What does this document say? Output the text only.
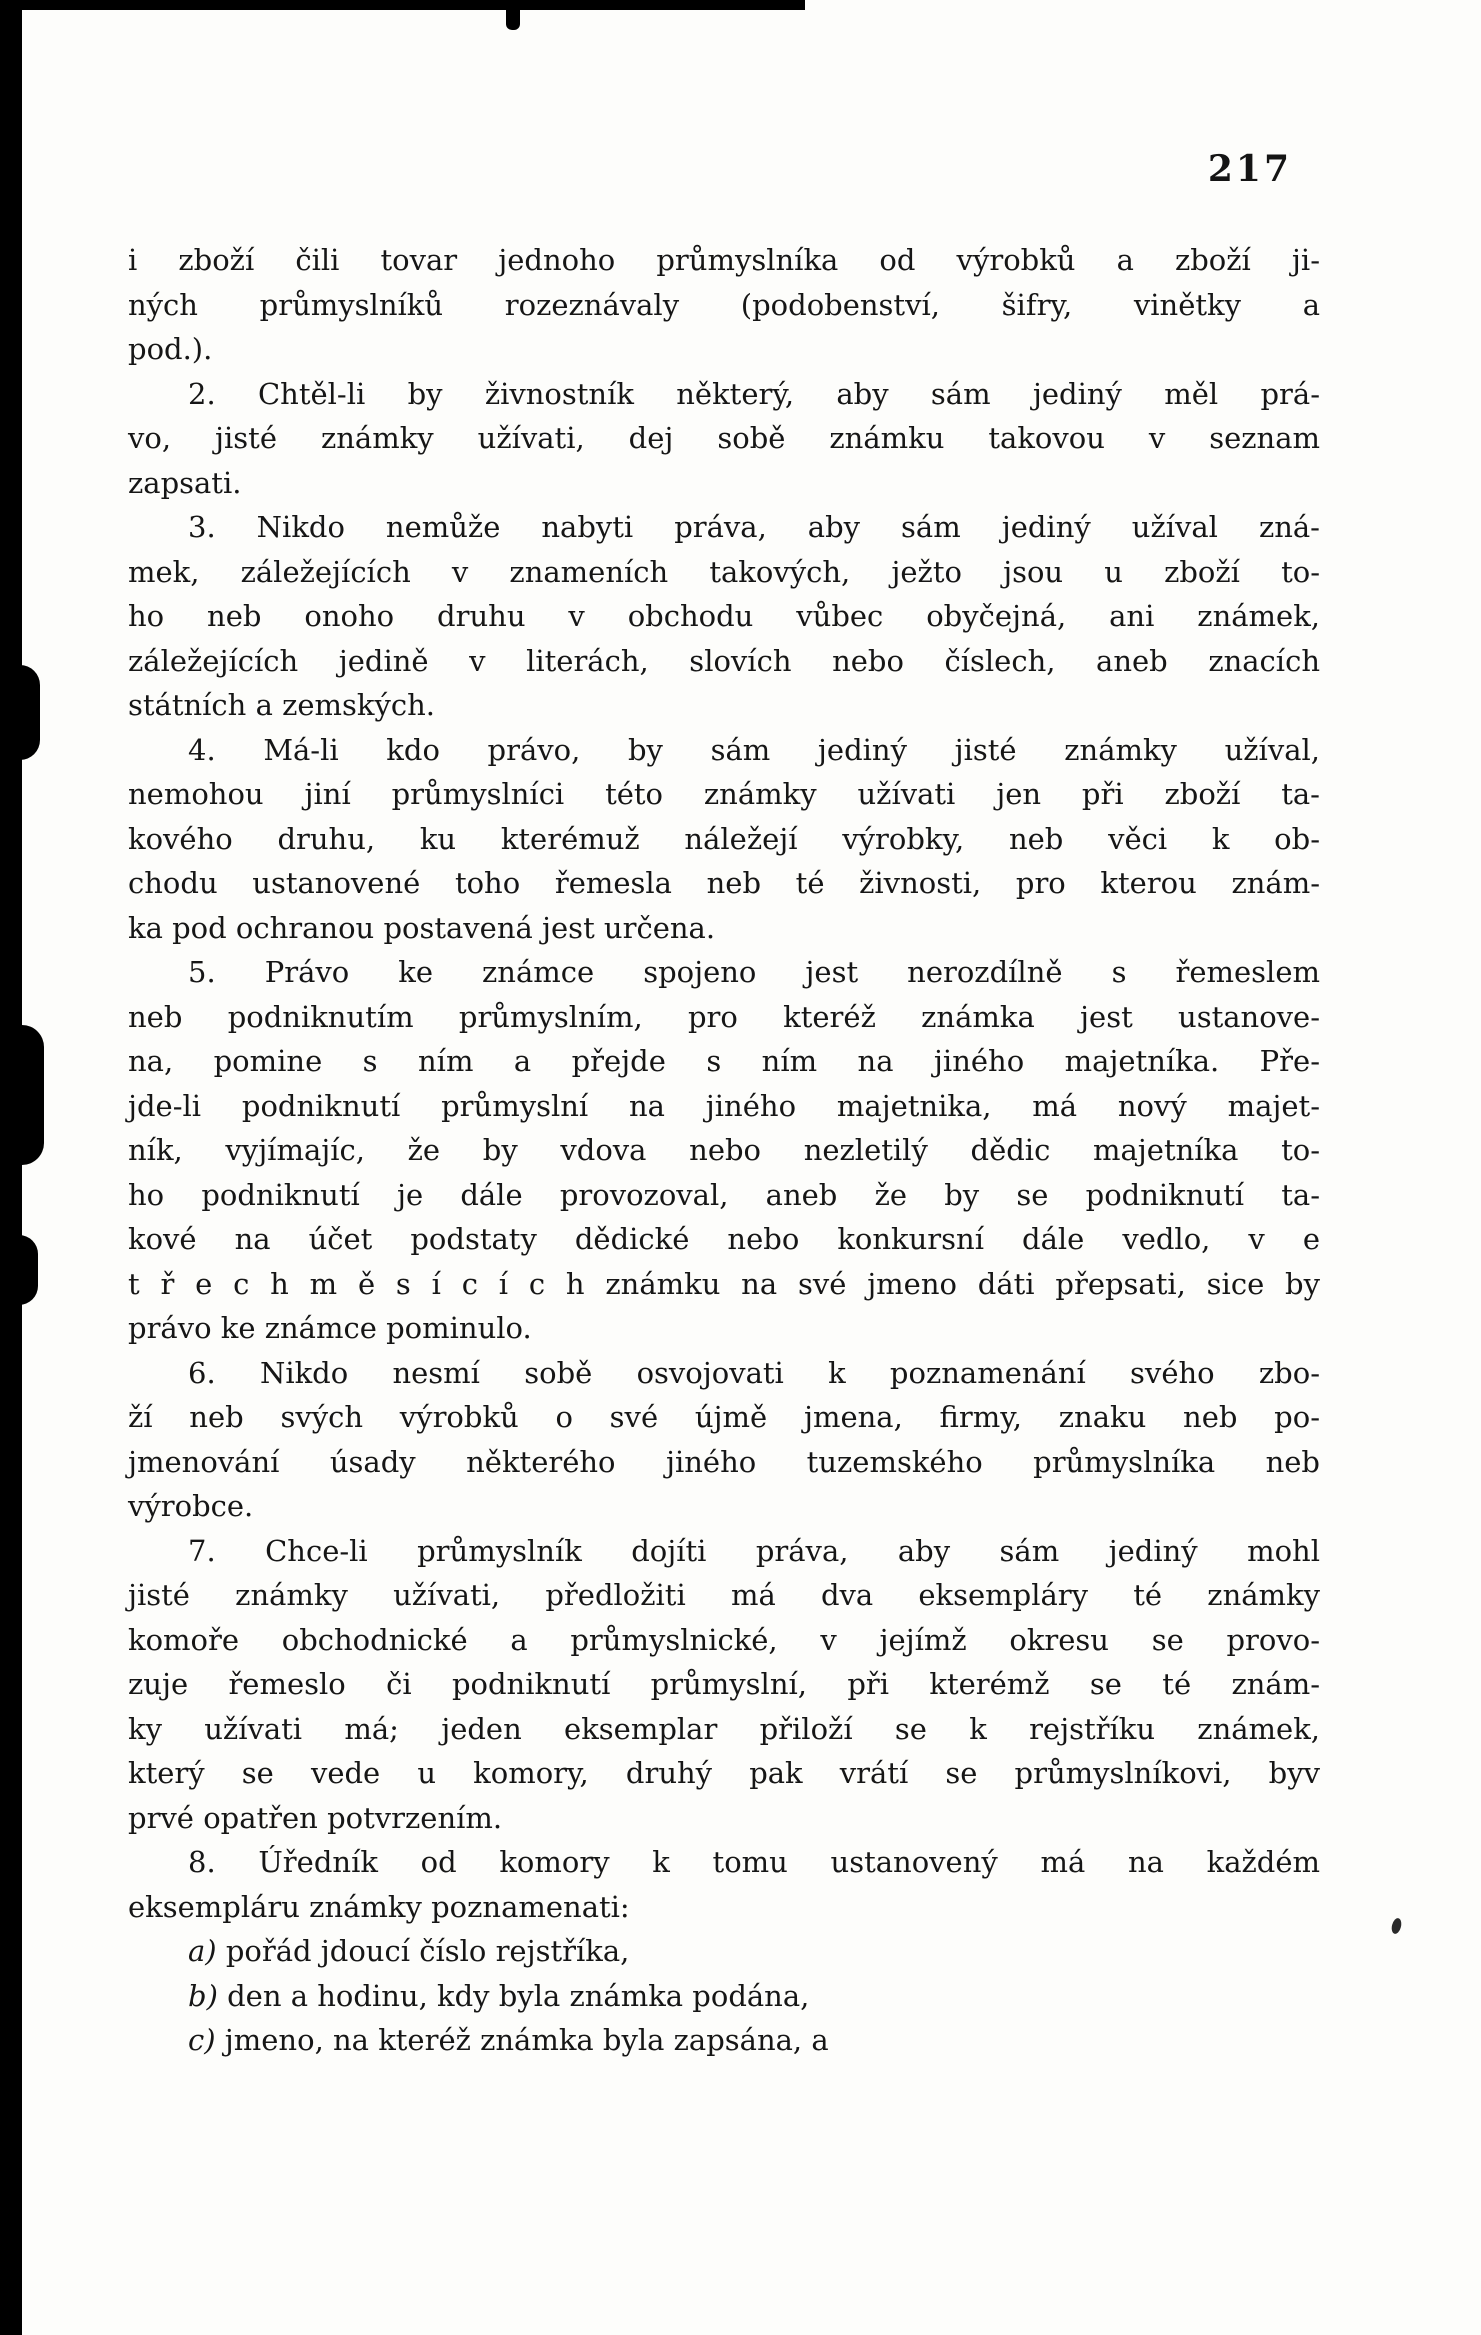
217
i zboží čili tovar jednoho průmyslníka od výrobků a zboží ji-
ných průmyslníků rozeznávaly (podobenství, šifry, vinětky a
pod.).
2. Chtěl-li by živnostník některý, aby sám jediný měl prá-
vo, jisté známky užívati, dej sobě známku takovou v seznam
zapsati.
3. Nikdo nemůže nabyti práva, aby sám jediný užíval zná-
mek, záležejících v znameních takových, ježto jsou u zboží to-
ho neb onoho druhu v obchodu vůbec obyčejná, ani známek,
záležejících jedině v literách, slovích nebo číslech, aneb znacích
státních a zemských.
4. Má-li kdo právo, by sám jediný jisté známky užíval,
nemohou jiní průmyslníci této známky užívati jen při zboží ta-
kového druhu, ku kterémuž náležejí výrobky, neb věci k ob-
chodu ustanovené toho řemesla neb té živnosti, pro kterou znám-
ka pod ochranou postavená jest určena.
5. Právo ke známce spojeno jest nerozdílně s řemeslem
neb podniknutím průmyslním, pro kteréž známka jest ustanove-
na, pomine s ním a přejde s ním na jiného majetníka. Pře-
jde-li podniknutí průmyslní na jiného majetnika, má nový majet-
ník, vyjímajíc, že by vdova nebo nezletilý dědic majetníka to-
ho podniknutí je dále provozoval, aneb že by se podniknutí ta-
kové na účet podstaty dědické nebo konkursní dále vedlo, v e
t ř e c h m ě s í c í c h známku na své jmeno dáti přepsati, sice by
právo ke známce pominulo.
6. Nikdo nesmí sobě osvojovati k poznamenání svého zbo-
ží neb svých výrobků o své újmě jmena, firmy, znaku neb po-
jmenování úsady některého jiného tuzemského průmyslníka neb
výrobce.
7. Chce-li průmyslník dojíti práva, aby sám jediný mohl
jisté známky užívati, předložiti má dva eksempláry té známky
komoře obchodnické a průmyslnické, v jejímž okresu se provo-
zuje řemeslo či podniknutí průmyslní, při kterémž se té znám-
ky užívati má; jeden eksemplar přiloží se k rejstříku známek,
který se vede u komory, druhý pak vrátí se průmyslníkovi, byv
prvé opatřen potvrzením.
8. Úředník od komory k tomu ustanovený má na každém
eksempláru známky poznamenati:
a) pořád jdoucí číslo rejstříka,
b) den a hodinu, kdy byla známka podána,
c) jmeno, na kteréž známka byla zapsána, a
